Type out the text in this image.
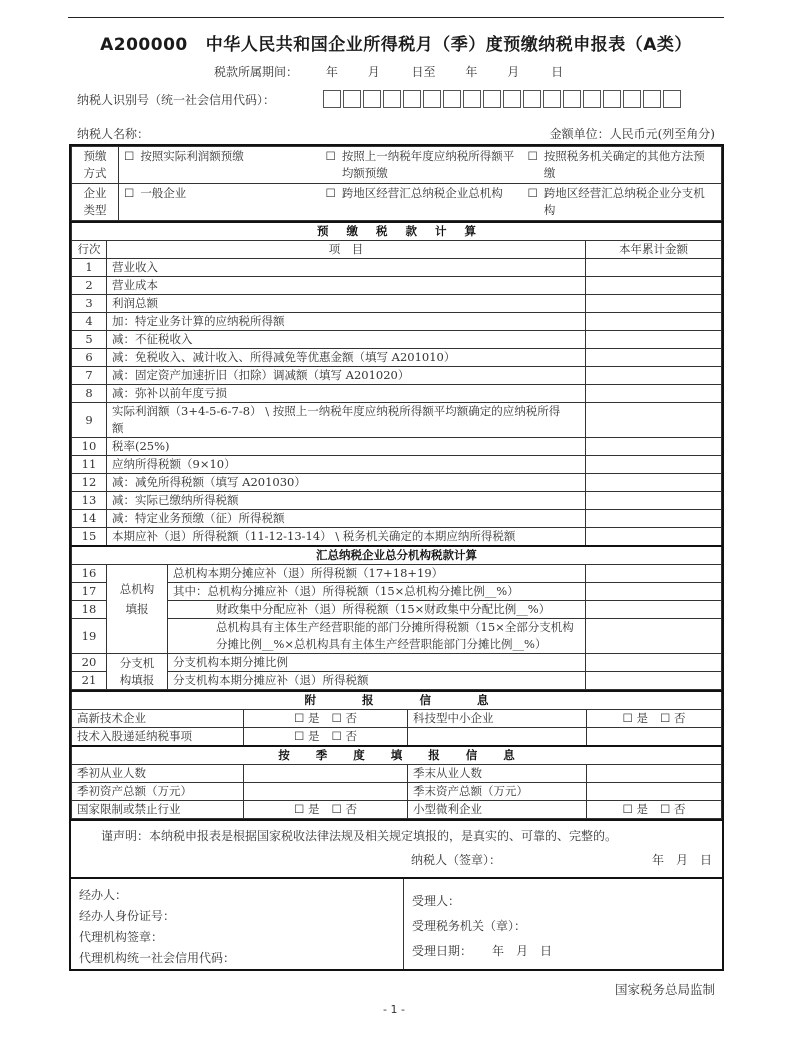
A200000 中华人民共和国企业所得税月（季）度预缴纳税申报表（A类）
税款所属期间： 年 月	日至 年 月	日
纳税人识别号（统一社会信用代码）：
纳税人名称：	金额单位：人民币元(列至角分)
预缴方式	☐ 按照实际利润额预缴	☐ 按照上一纳税年度应纳税所得额平均额预缴	☐ 按照税务机关确定的其他方法预缴

企业类型	☐ 一般企业	☐ 跨地区经营汇总纳税企业总机构	☐ 跨地区经营汇总纳税企业分支机构
预缴税款计算			
行次	项　目		本年累计金额
1	营业收入		
2	营业成本		
3	利润总额		
4	加：特定业务计算的应纳税所得额		
5	减：不征税收入		
6	减：免税收入、减计收入、所得减免等优惠金额（填写 A201010）		
7	减：固定资产加速折旧（扣除）调减额（填写 A201020）		
8	减：弥补以前年度亏损		
9	实际利润额（3+4-5-6-7-8） \ 按照上一纳税年度应纳税所得额平均额确定的应纳税所得额		
10	税率(25%)		
11	应纳所得税额（9×10）		
12	减：减免所得税额（填写 A201030）		
13	减：实际已缴纳所得税额		
14	减：特定业务预缴（征）所得税额		
15	本期应补（退）所得税额（11-12-13-14） \ 税务机关确定的本期应纳所得税额		
汇总纳税企业总分机构税款计算			
16	总机构填报	总机构本期分摊应补（退）所得税额（17+18+19）	
17		其中：总机构分摊应补（退）所得税额（15×总机构分摊比例__%）	
18		财政集中分配应补（退）所得税额（15×财政集中分配比例__%）	
19		总机构具有主体生产经营职能的部门分摊所得税额（15×全部分支机构分摊比例__%×总机构具有主体生产经营职能部门分摊比例__%）	
20	分支机构填报	分支机构本期分摊比例	
21		分支机构本期分摊应补（退）所得税额	
附报信息			
高新技术企业	☐ 是 ☐ 否	科技型中小企业	☐ 是 ☐ 否
技术入股递延纳税事项	☐ 是 ☐ 否		
按季度填报信息			
季初从业人数		季末从业人数	
季初资产总额（万元）		季末资产总额（万元）	
国家限制或禁止行业	☐ 是 ☐ 否	小型微利企业	☐ 是 ☐ 否
谨声明：本纳税申报表是根据国家税收法律法规及相关规定填报的，是真实的、可靠的、完整的。
纳税人（签章）：	年　月　日
经办人：
经办人身份证号：
代理机构签章：
代理机构统一社会信用代码：
受理人：
受理税务机关（章）：
受理日期： 年　月　日
国家税务总局监制
- 1 -
